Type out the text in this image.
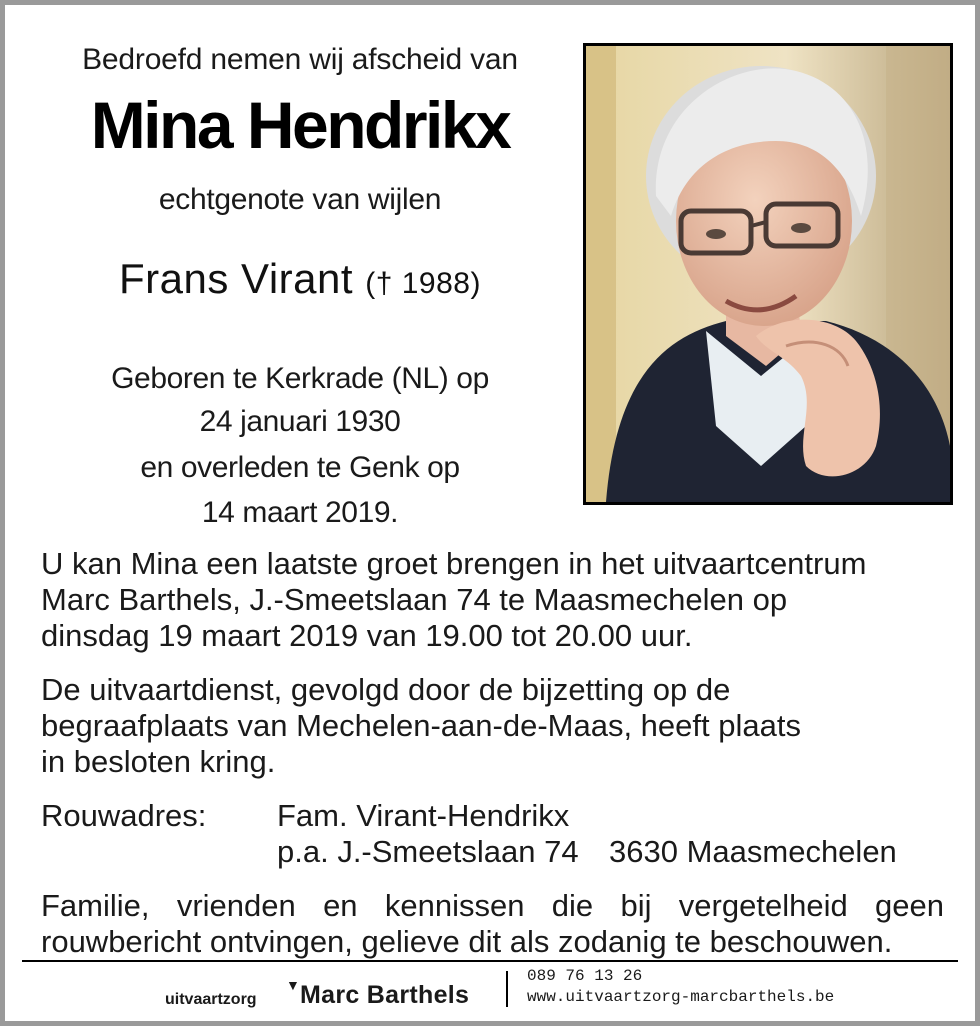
Bedroefd nemen wij afscheid van
Mina Hendrikx
echtgenote van wijlen
Frans Virant († 1988)
Geboren te Kerkrade (NL) op
24 januari 1930
en overleden te Genk op
14 maart 2019.
U kan Mina een laatste groet brengen in het uitvaartcentrum
Marc Barthels, J.-Smeetslaan 74 te Maasmechelen op
dinsdag 19 maart 2019 van 19.00 tot 20.00 uur.
De uitvaartdienst, gevolgd door de bijzetting op de
begraafplaats van Mechelen-aan-de-Maas, heeft plaats
in besloten kring.
Rouwadres: Fam. Virant-Hendrikx
p.a. J.-Smeetslaan 74 3630 Maasmechelen
Familie, vrienden en kennissen die bij vergetelheid geen
rouwbericht ontvingen, gelieve dit als zodanig te beschouwen.
uitvaartzorg
▼ Marc Barthels
089 76 13 26
www.uitvaartzorg-marcbarthels.be
